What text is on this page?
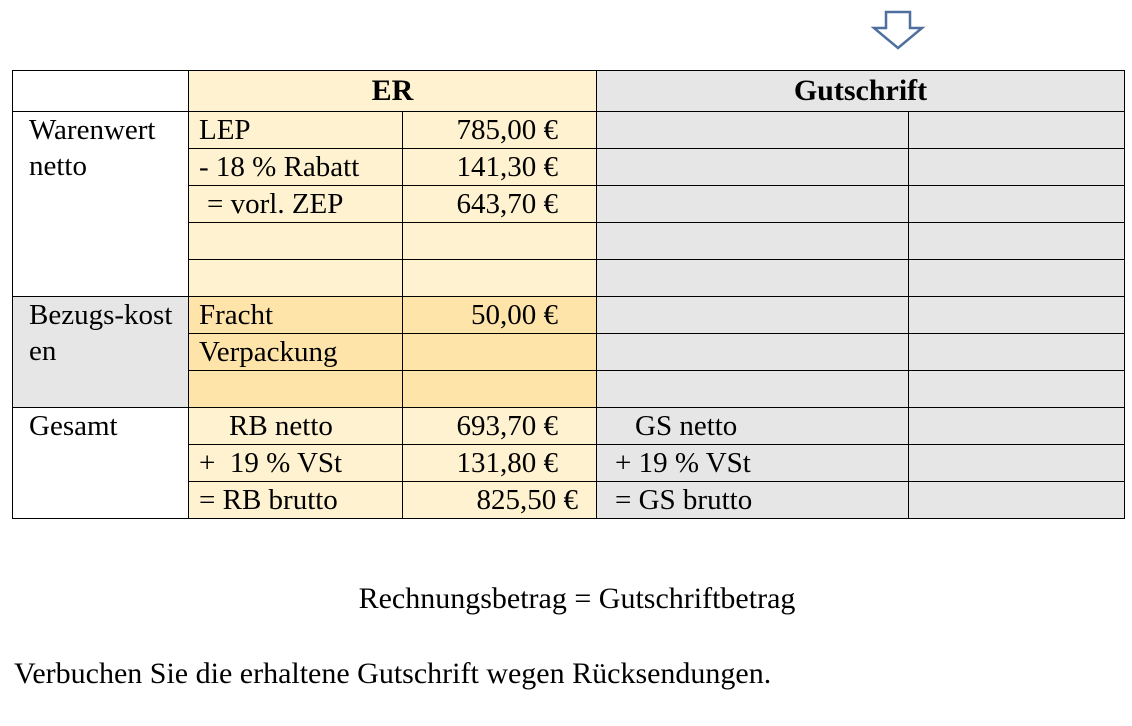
	ER		Gutschrift	
Warenwert netto	LEP	785,00 €		
	- 18 % Rabatt	141,30 €		
	= vorl. ZEP	643,70 €		

Bezugs-kosten	Fracht	50,00 €		
	Verpackung			

Gesamt	RB netto	693,70 €	GS netto	
	+  19 % VSt	131,80 €	+ 19 % VSt	
	= RB brutto	825,50 €	= GS brutto	
Rechnungsbetrag = Gutschriftbetrag
Verbuchen Sie die erhaltene Gutschrift wegen Rücksendungen.
